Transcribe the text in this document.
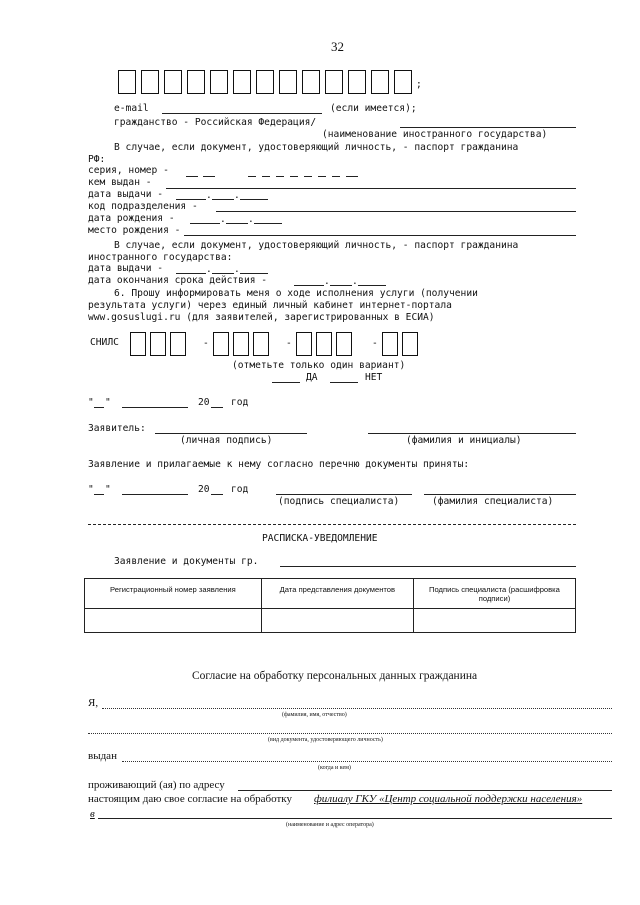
32
;
e-mail	(если имеется);
гражданство - Российская Федерация/
(наименование иностранного государства)
В случае, если документ, удостоверяющий личность, - паспорт гражданина
РФ:
серия, номер -
кем выдан -
дата выдачи -	. .
код подразделения -
дата рождения -	. .
место рождения -
В случае, если документ, удостоверяющий личность, - паспорт гражданина
иностранного государства:
дата выдачи -	. .
дата окончания срока действия -	. .
6. Прошу информировать меня о ходе исполнения услуги (получении
результата услуги) через единый личный кабинет интернет-портала
www.gosuslugi.ru (для заявителей, зарегистрированных в ЕСИА)
СНИЛС	-	-	-
(отметьте только один вариант)
ДА	НЕТ
" "	20 год
Заявитель:
(личная подпись)	(фамилия и инициалы)
Заявление и прилагаемые к нему согласно перечню документы приняты:
" "	20 год
(подпись специалиста)	(фамилия специалиста)
РАСПИСКА-УВЕДОМЛЕНИЕ
Заявление и документы гр.
Регистрационный номер заявления	Дата представления документов	Подпись специалиста (расшифровка подписи)

Согласие на обработку персональных данных гражданина
Я,
(фамилия, имя, отчество)
(вид документа, удостоверяющего личность)
выдан
(когда и кем)
проживающий (ая) по адресу
настоящим даю свое согласие на обработку филиалу ГКУ «Центр социальной поддержки населения»
в
(наименование и адрес оператора)
